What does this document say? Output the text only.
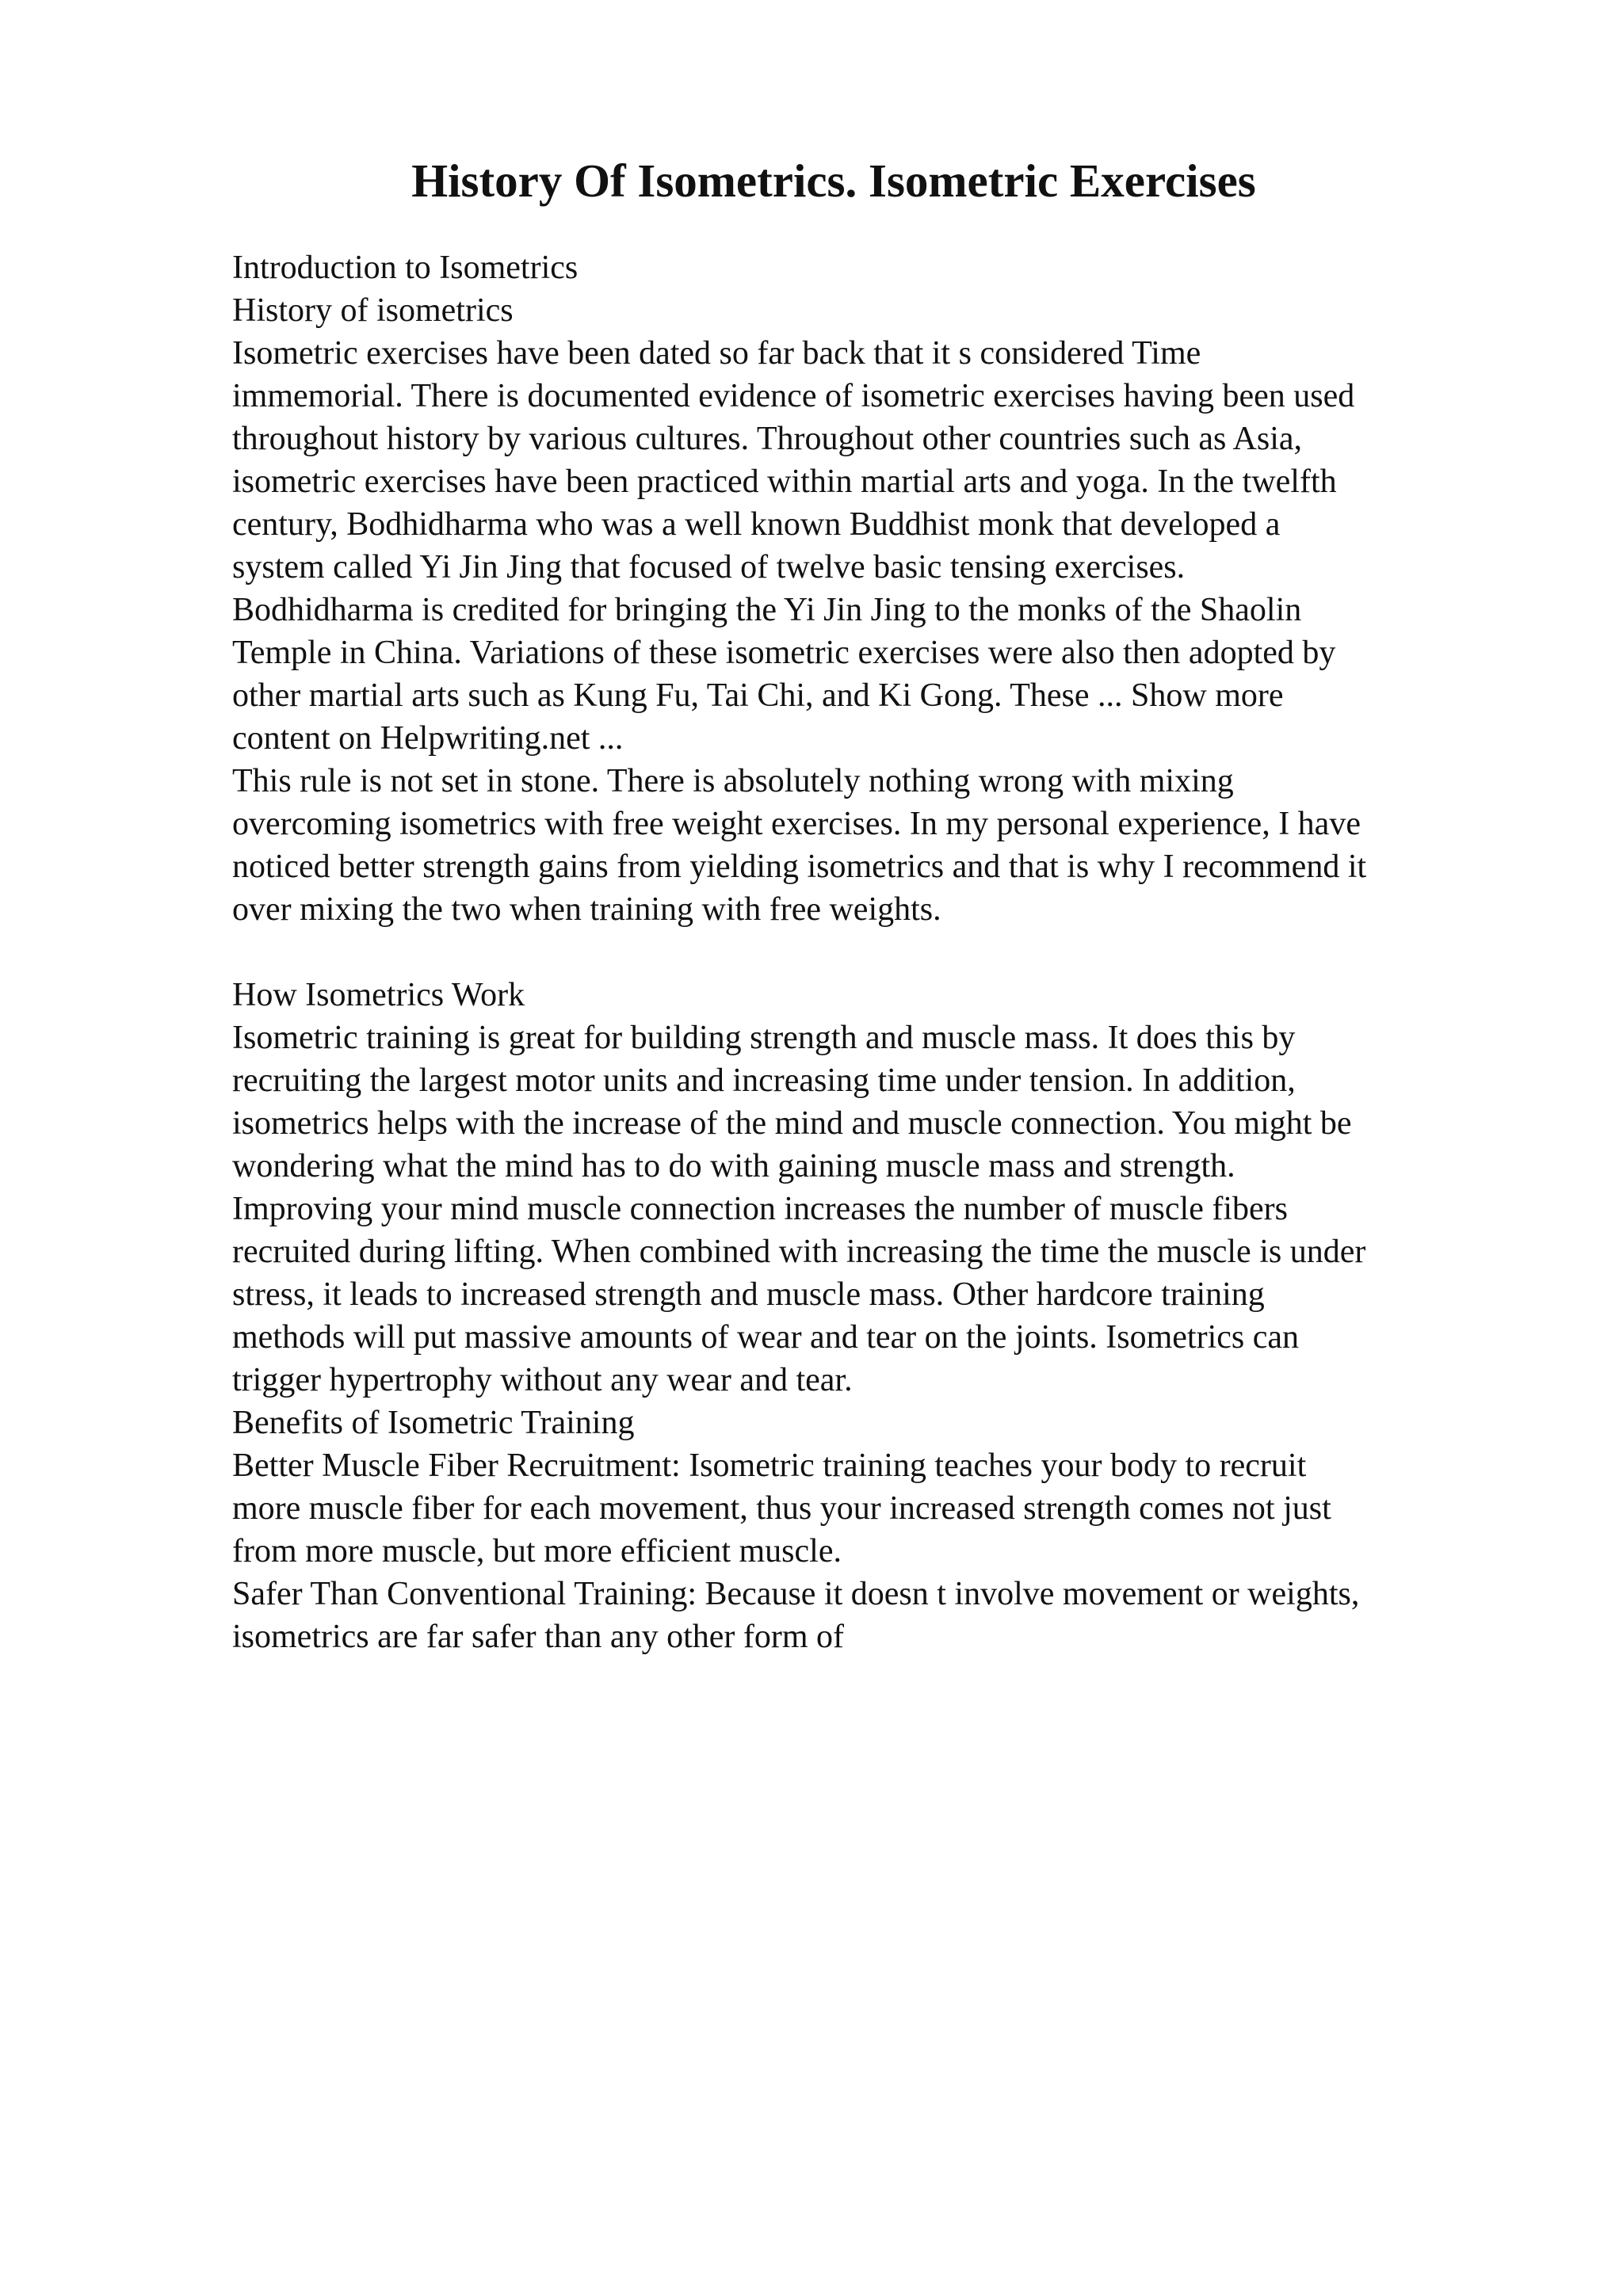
History Of Isometrics. Isometric Exercises

Introduction to Isometrics

History of isometrics

Isometric exercises have been dated so far back that it s considered Time

immemorial. There is documented evidence of isometric exercises having been used

throughout history by various cultures. Throughout other countries such as Asia,

isometric exercises have been practiced within martial arts and yoga. In the twelfth

century, Bodhidharma who was a well known Buddhist monk that developed a

system called Yi Jin Jing that focused of twelve basic tensing exercises.

Bodhidharma is credited for bringing the Yi Jin Jing to the monks of the Shaolin

Temple in China. Variations of these isometric exercises were also then adopted by

other martial arts such as Kung Fu, Tai Chi, and Ki Gong. These ... Show more

content on Helpwriting.net ...

This rule is not set in stone. There is absolutely nothing wrong with mixing

overcoming isometrics with free weight exercises. In my personal experience, I have

noticed better strength gains from yielding isometrics and that is why I recommend it

over mixing the two when training with free weights.

How Isometrics Work

Isometric training is great for building strength and muscle mass. It does this by

recruiting the largest motor units and increasing time under tension. In addition,

isometrics helps with the increase of the mind and muscle connection. You might be

wondering what the mind has to do with gaining muscle mass and strength.

Improving your mind muscle connection increases the number of muscle fibers

recruited during lifting. When combined with increasing the time the muscle is under

stress, it leads to increased strength and muscle mass. Other hardcore training

methods will put massive amounts of wear and tear on the joints. Isometrics can

trigger hypertrophy without any wear and tear.

Benefits of Isometric Training

Better Muscle Fiber Recruitment: Isometric training teaches your body to recruit

more muscle fiber for each movement, thus your increased strength comes not just

from more muscle, but more efficient muscle.

Safer Than Conventional Training: Because it doesn t involve movement or weights,

isometrics are far safer than any other form of
